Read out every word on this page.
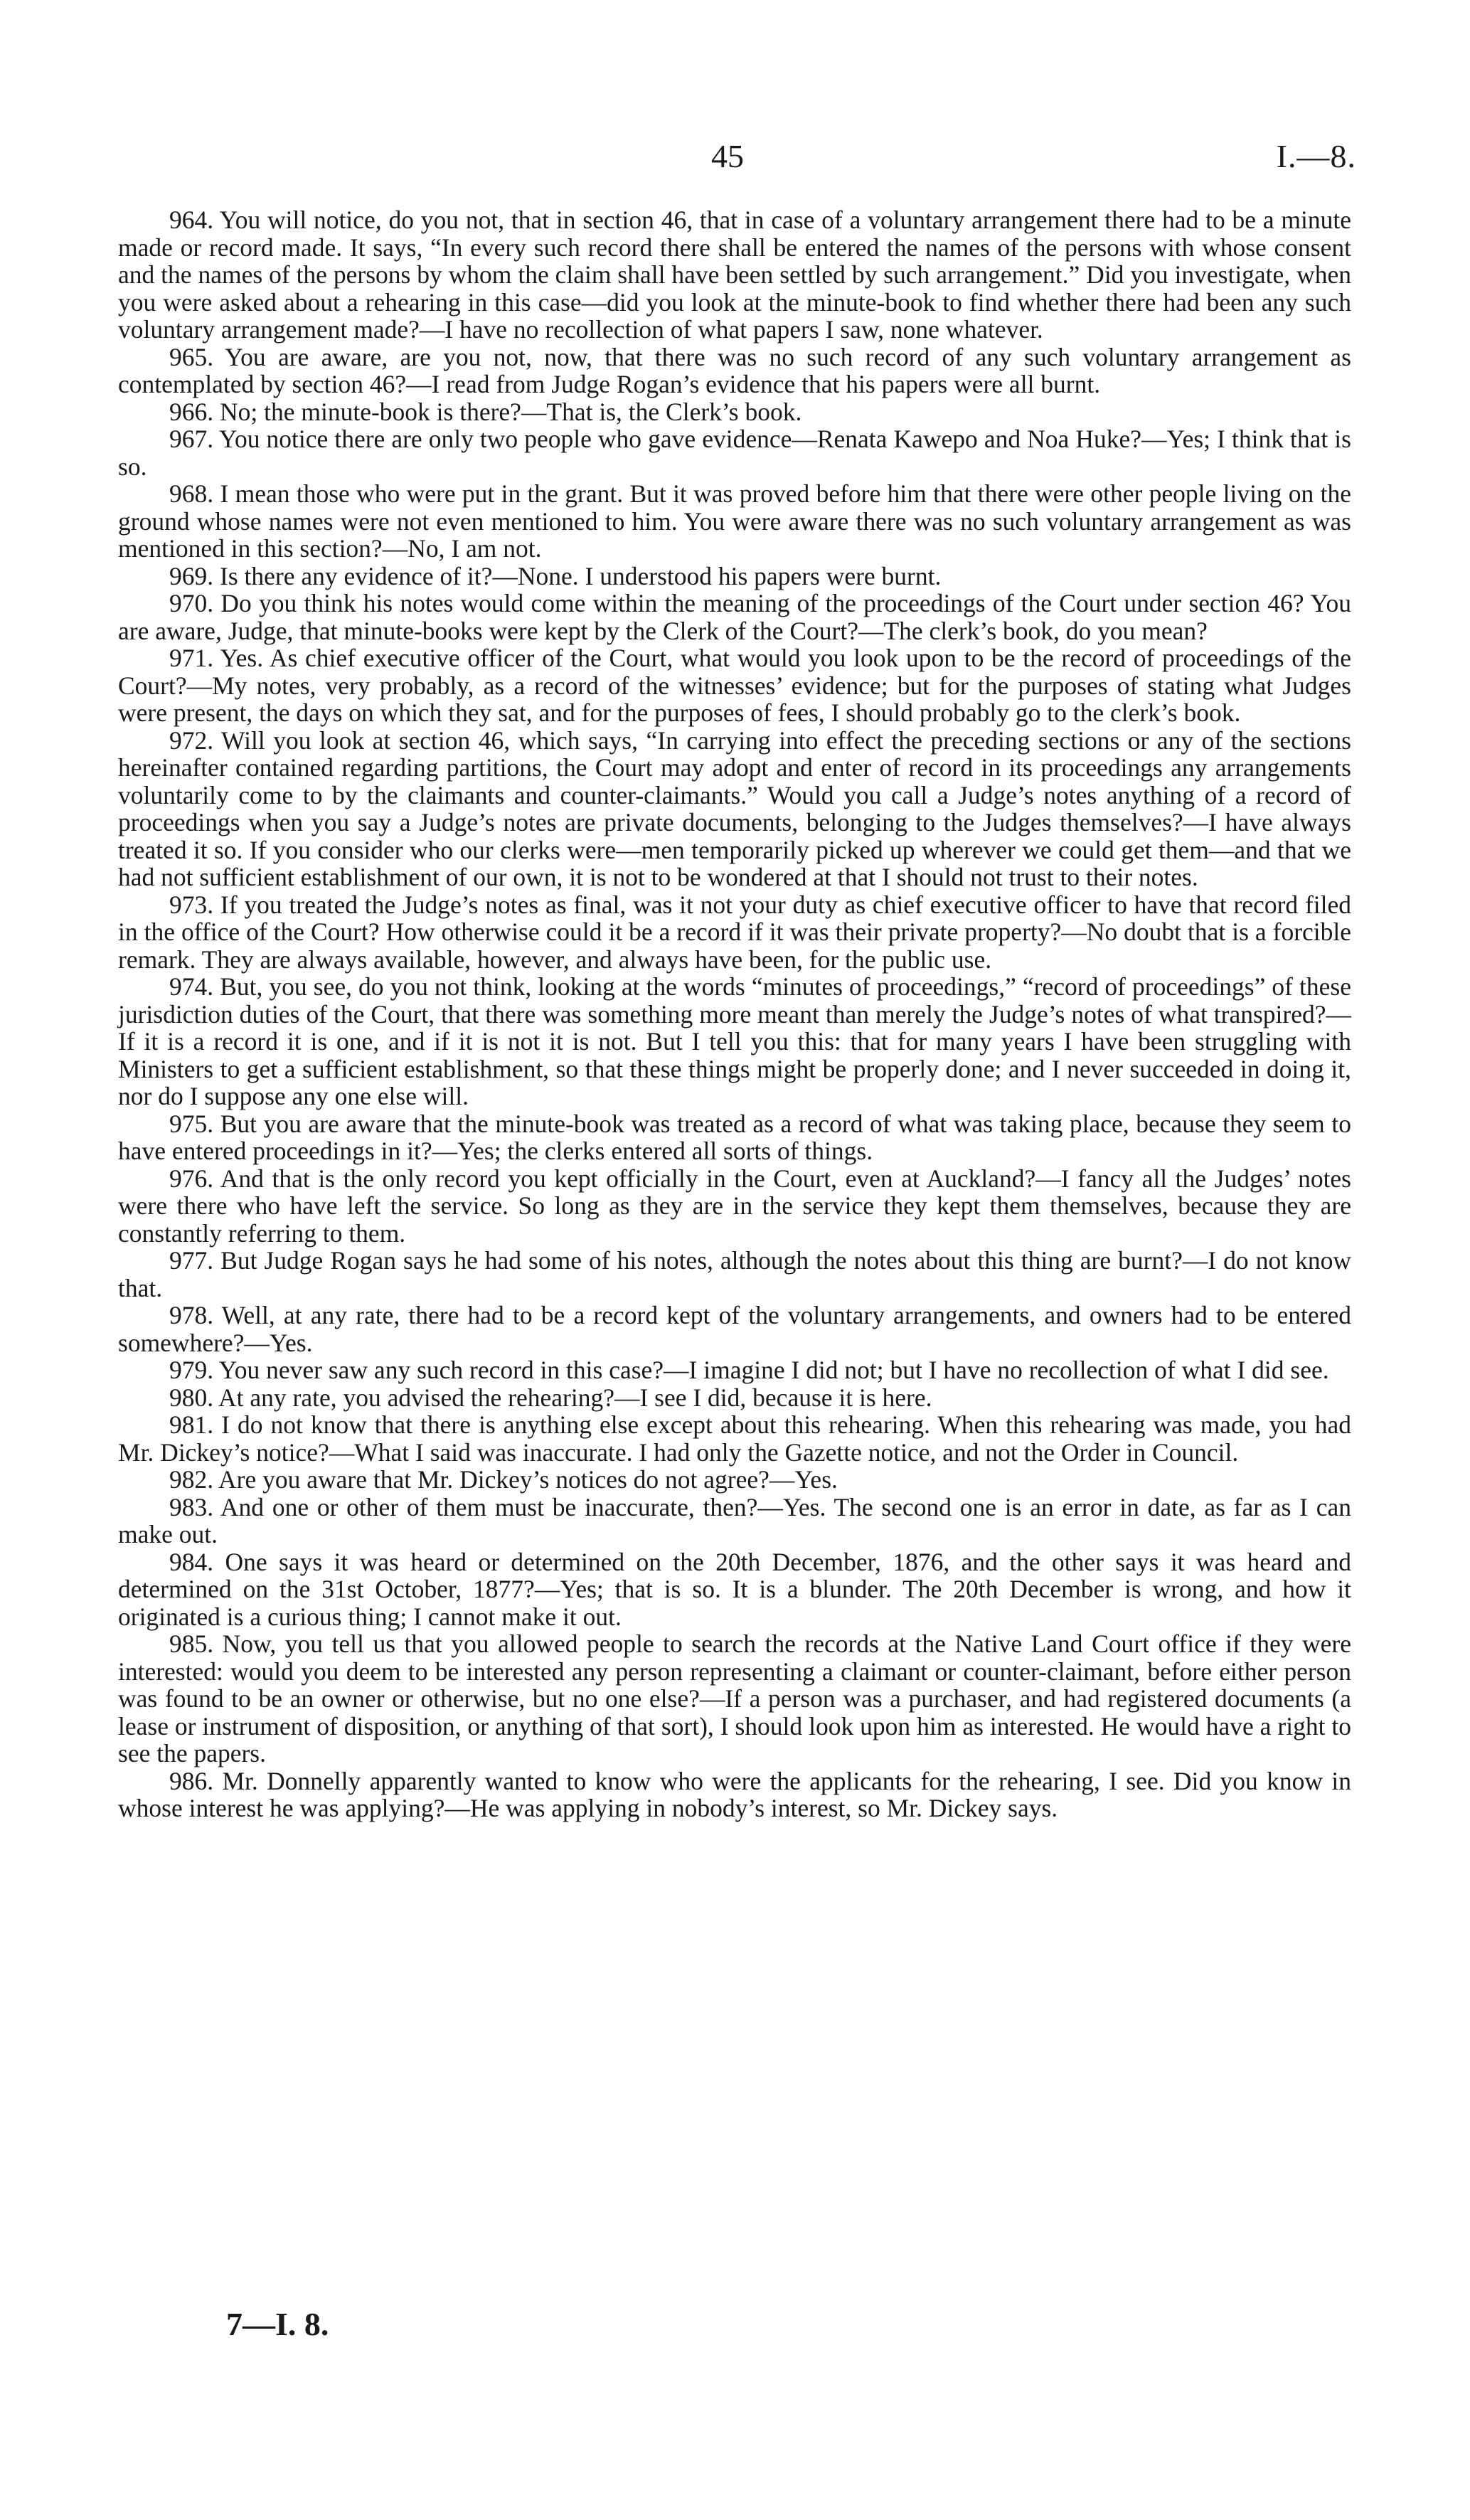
45	I.—8.

964. You will notice, do you not, that in section 46, that in case of a voluntary arrangement there had to be a minute made or record made. It says, “In every such record there shall be entered the names of the persons with whose consent and the names of the persons by whom the claim shall have been settled by such arrangement.” Did you investigate, when you were asked about a rehearing in this case—did you look at the minute-book to find whether there had been any such voluntary arrangement made?—I have no recollection of what papers I saw, none whatever.

965. You are aware, are you not, now, that there was no such record of any such voluntary arrangement as contemplated by section 46?—I read from Judge Rogan’s evidence that his papers were all burnt.

966. No; the minute-book is there?—That is, the Clerk’s book.

967. You notice there are only two people who gave evidence—Renata Kawepo and Noa Huke?—Yes; I think that is so.

968. I mean those who were put in the grant. But it was proved before him that there were other people living on the ground whose names were not even mentioned to him. You were aware there was no such voluntary arrangement as was mentioned in this section?—No, I am not.

969. Is there any evidence of it?—None. I understood his papers were burnt.

970. Do you think his notes would come within the meaning of the proceedings of the Court under section 46? You are aware, Judge, that minute-books were kept by the Clerk of the Court?—The clerk’s book, do you mean?

971. Yes. As chief executive officer of the Court, what would you look upon to be the record of proceedings of the Court?—My notes, very probably, as a record of the witnesses’ evidence; but for the purposes of stating what Judges were present, the days on which they sat, and for the purposes of fees, I should probably go to the clerk’s book.

972. Will you look at section 46, which says, “In carrying into effect the preceding sections or any of the sections hereinafter contained regarding partitions, the Court may adopt and enter of record in its proceedings any arrangements voluntarily come to by the claimants and counter-claimants.” Would you call a Judge’s notes anything of a record of proceedings when you say a Judge’s notes are private documents, belonging to the Judges themselves?—I have always treated it so. If you consider who our clerks were—men temporarily picked up wherever we could get them—and that we had not sufficient establishment of our own, it is not to be wondered at that I should not trust to their notes.

973. If you treated the Judge’s notes as final, was it not your duty as chief executive officer to have that record filed in the office of the Court? How otherwise could it be a record if it was their private property?—No doubt that is a forcible remark. They are always available, however, and always have been, for the public use.

974. But, you see, do you not think, looking at the words “minutes of proceedings,” “record of proceedings” of these jurisdiction duties of the Court, that there was something more meant than merely the Judge’s notes of what transpired?—If it is a record it is one, and if it is not it is not. But I tell you this: that for many years I have been struggling with Ministers to get a sufficient establishment, so that these things might be properly done; and I never succeeded in doing it, nor do I suppose any one else will.

975. But you are aware that the minute-book was treated as a record of what was taking place, because they seem to have entered proceedings in it?—Yes; the clerks entered all sorts of things.

976. And that is the only record you kept officially in the Court, even at Auckland?—I fancy all the Judges’ notes were there who have left the service. So long as they are in the service they kept them themselves, because they are constantly referring to them.

977. But Judge Rogan says he had some of his notes, although the notes about this thing are burnt?—I do not know that.

978. Well, at any rate, there had to be a record kept of the voluntary arrangements, and owners had to be entered somewhere?—Yes.

979. You never saw any such record in this case?—I imagine I did not; but I have no recollection of what I did see.

980. At any rate, you advised the rehearing?—I see I did, because it is here.

981. I do not know that there is anything else except about this rehearing. When this rehearing was made, you had Mr. Dickey’s notice?—What I said was inaccurate. I had only the Gazette notice, and not the Order in Council.

982. Are you aware that Mr. Dickey’s notices do not agree?—Yes.

983. And one or other of them must be inaccurate, then?—Yes. The second one is an error in date, as far as I can make out.

984. One says it was heard or determined on the 20th December, 1876, and the other says it was heard and determined on the 31st October, 1877?—Yes; that is so. It is a blunder. The 20th December is wrong, and how it originated is a curious thing; I cannot make it out.

985. Now, you tell us that you allowed people to search the records at the Native Land Court office if they were interested: would you deem to be interested any person representing a claimant or counter-claimant, before either person was found to be an owner or otherwise, but no one else?—If a person was a purchaser, and had registered documents (a lease or instrument of disposition, or anything of that sort), I should look upon him as interested. He would have a right to see the papers.

986. Mr. Donnelly apparently wanted to know who were the applicants for the rehearing, I see. Did you know in whose interest he was applying?—He was applying in nobody’s interest, so Mr. Dickey says.

7—I. 8.
